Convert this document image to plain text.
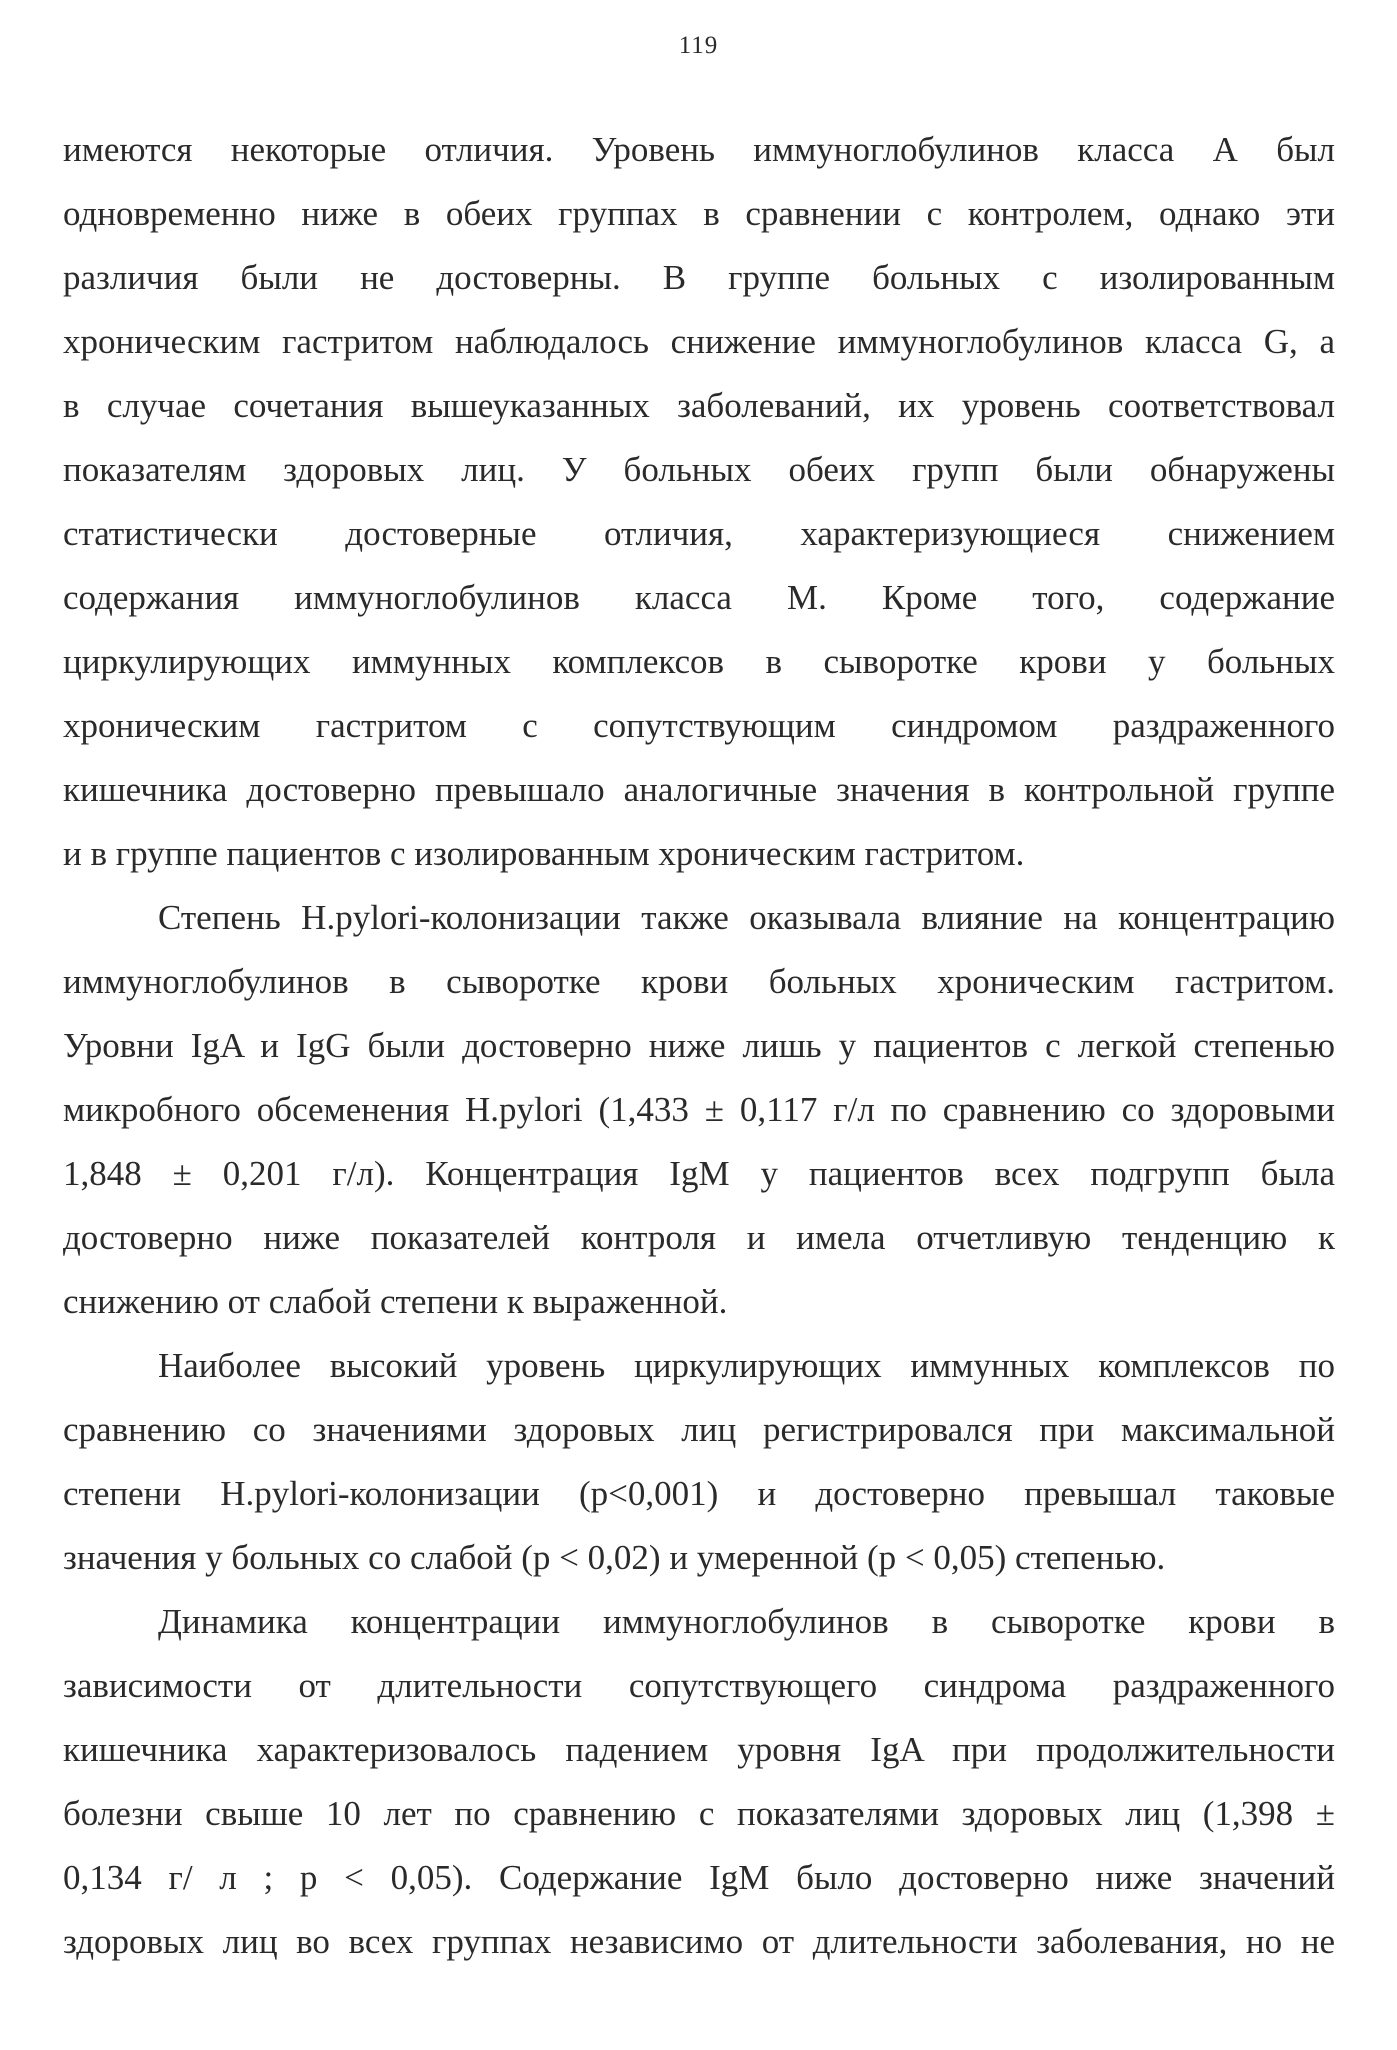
119
имеются некоторые отличия. Уровень иммуноглобулинов класса А был
одновременно ниже в обеих группах в сравнении с контролем, однако эти
различия были не достоверны. В группе больных с изолированным
хроническим гастритом наблюдалось снижение иммуноглобулинов класса G, а
в случае сочетания вышеуказанных заболеваний, их уровень соответствовал
показателям здоровых лиц. У больных обеих групп были обнаружены
статистически достоверные отличия, характеризующиеся снижением
содержания иммуноглобулинов класса М. Кроме того, содержание
циркулирующих иммунных комплексов в сыворотке крови у больных
хроническим гастритом с сопутствующим синдромом раздраженного
кишечника достоверно превышало аналогичные значения в контрольной группе
и в группе пациентов с изолированным хроническим гастритом.
Степень H.pylori-колонизации также оказывала влияние на концентрацию
иммуноглобулинов в сыворотке крови больных хроническим гастритом.
Уровни IgA и IgG были достоверно ниже лишь у пациентов с легкой степенью
микробного обсеменения H.pylori (1,433 ± 0,117 г/л по сравнению со здоровыми
1,848 ± 0,201 г/л). Концентрация IgM у пациентов всех подгрупп была
достоверно ниже показателей контроля и имела отчетливую тенденцию к
снижению от слабой степени к выраженной.
Наиболее высокий уровень циркулирующих иммунных комплексов по
сравнению со значениями здоровых лиц регистрировался при максимальной
степени H.pylori-колонизации (p<0,001) и достоверно превышал таковые
значения у больных со слабой (p < 0,02) и умеренной (p < 0,05) степенью.
Динамика концентрации иммуноглобулинов в сыворотке крови в
зависимости от длительности сопутствующего синдрома раздраженного
кишечника характеризовалось падением уровня IgA при продолжительности
болезни свыше 10 лет по сравнению с показателями здоровых лиц (1,398 ±
0,134 г/ л ; p < 0,05). Содержание IgM было достоверно ниже значений
здоровых лиц во всех группах независимо от длительности заболевания, но не
